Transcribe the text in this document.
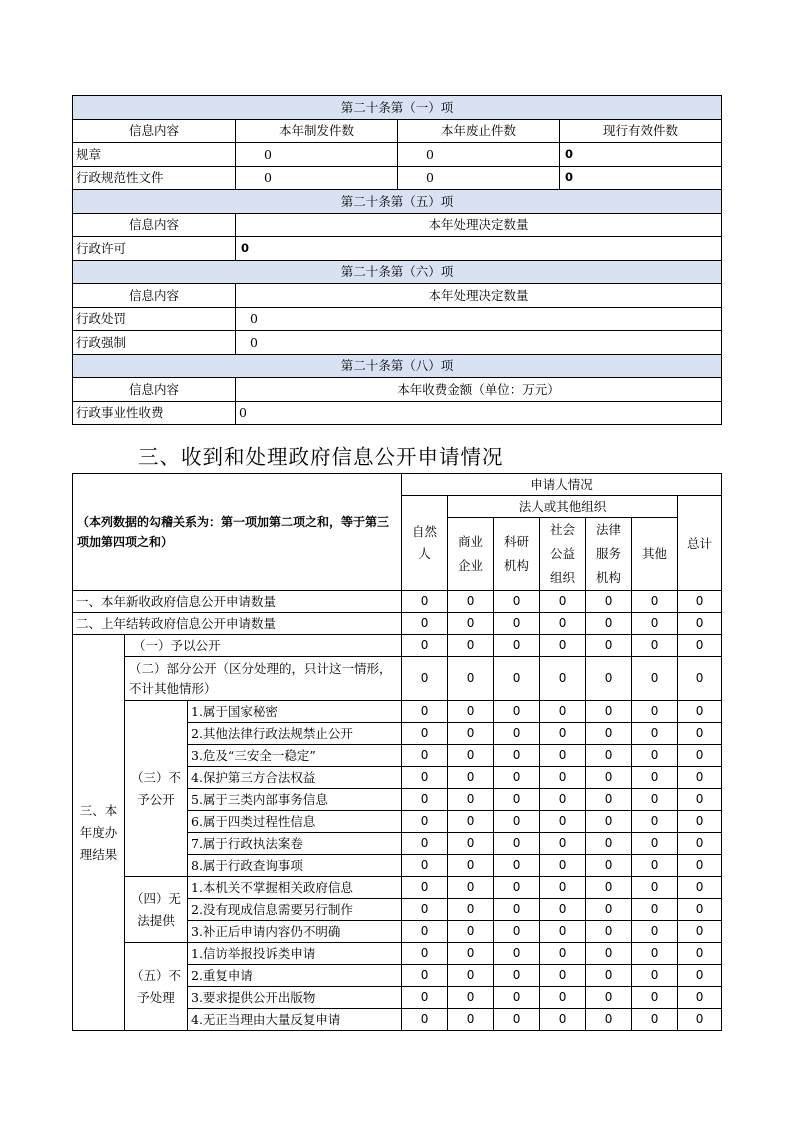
第二十条第（一）项			
信息内容	本年制发件数	本年废止件数	现行有效件数
规章	0	0	0
行政规范性文件	0	0	0
第二十条第（五）项			
信息内容	本年处理决定数量		
行政许可	0		
第二十条第（六）项			
信息内容	本年处理决定数量		
行政处罚	0		
行政强制	0		
第二十条第（八）项			
信息内容	本年收费金额（单位：万元）		
行政事业性收费	0		
三、收到和处理政府信息公开申请情况
（本列数据的勾稽关系为：第一项加第二项之和，等于第三项加第四项之和）			申请人情况						

			自然人	法人或其他组织					总计

				商业企业	科研机构	社会公益组织	法律服务机构	其他	
一、本年新收政府信息公开申请数量			0	0	0	0	0	0	0
二、上年结转政府信息公开申请数量			0	0	0	0	0	0	0

三、本年度办理结果	（一）予以公开		0	0	0	0	0	0	0
	（二）部分公开（区分处理的，只计这一情形，不计其他情形）		0	0	0	0	0	0	0

	（三）不予公开	1.属于国家秘密	0	0	0	0	0	0	0
		2.其他法律行政法规禁止公开	0	0	0	0	0	0	0
		3.危及“三安全一稳定”	0	0	0	0	0	0	0
		4.保护第三方合法权益	0	0	0	0	0	0	0
		5.属于三类内部事务信息	0	0	0	0	0	0	0
		6.属于四类过程性信息	0	0	0	0	0	0	0
		7.属于行政执法案卷	0	0	0	0	0	0	0
		8.属于行政查询事项	0	0	0	0	0	0	0

	（四）无法提供	1.本机关不掌握相关政府信息	0	0	0	0	0	0	0
		2.没有现成信息需要另行制作	0	0	0	0	0	0	0
		3.补正后申请内容仍不明确	0	0	0	0	0	0	0

	（五）不予处理	1.信访举报投诉类申请	0	0	0	0	0	0	0
		2.重复申请	0	0	0	0	0	0	0
		3.要求提供公开出版物	0	0	0	0	0	0	0
		4.无正当理由大量反复申请	0	0	0	0	0	0	0
